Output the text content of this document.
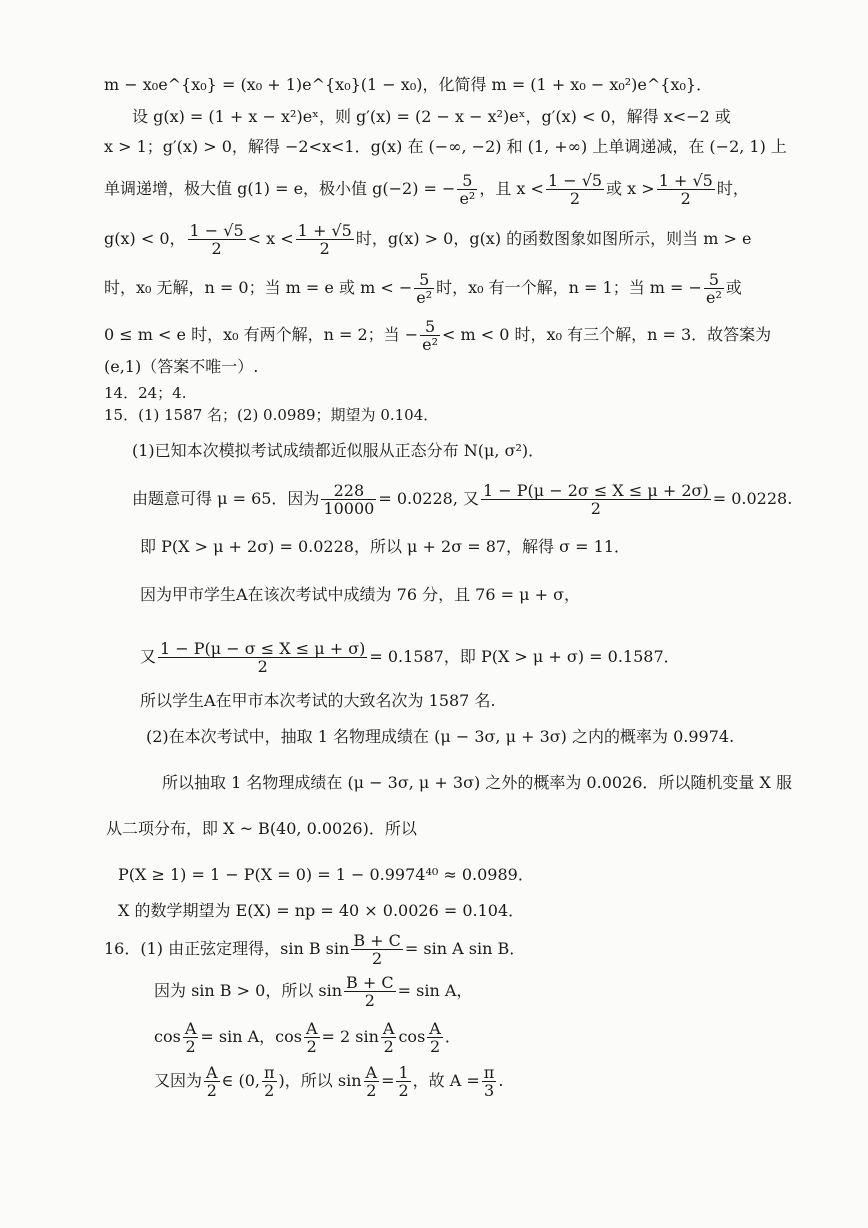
m − x₀e^{x₀} = (x₀ + 1)e^{x₀}(1 − x₀)，化简得 m = (1 + x₀ − x₀²)e^{x₀}．
设 g(x) = (1 + x − x²)eˣ，则 g′(x) = (2 − x − x²)eˣ，g′(x) < 0，解得 x<−2 或
x > 1；g′(x) > 0，解得 −2<x<1．g(x) 在 (−∞, −2) 和 (1, +∞) 上单调递减，在 (−2, 1) 上
单调递增，极大值 g(1) = e，极小值 g(−2) = − $\frac{5}{\text{e²}}$ ，且 $x < \frac{1 - √5}{2}$ 或 $x > \frac{1 + √5}{2}$ 时，
g(x) < 0， $\frac{1 - √5}{2} < x < \frac{1 + √5}{2}$ 时，g(x) > 0，g(x) 的函数图象如图所示，则当 m > e
时，x₀ 无解，n = 0；当 m = e 或 m < − $\frac{5}{\text{e²}}$ 时，x₀ 有一个解，n = 1；当 m = − $\frac{5}{\text{e²}}$ 或
0 ≤ m < e 时，x₀ 有两个解，n = 2；当 − $\frac{5}{\text{e²}} < m < 0$ 时，x₀ 有三个解，n = 3．故答案为
(e,1)（答案不唯一）.
14．24；4.
15．(1) 1587 名；(2) 0.0989；期望为 0.104．
(1)已知本次模拟考试成绩都近似服从正态分布 N(μ, σ²)．
由题意可得 μ = 65．因为 $\frac{228}{10000} = 0.0228$, 又 $\frac{1 - P(\mu - 2\sigma \le X \le \mu + 2\sigma)}{2} = 0.0228$.
即 P(X > μ + 2σ) = 0.0228，所以 μ + 2σ = 87，解得 σ = 11．
因为甲市学生A在该次考试中成绩为 76 分，且 76 = μ + σ，
又 $\frac{1 - P(\mu - \sigma \le X \le \mu + \sigma)}{2} = 0.1587$，即 P(X > μ + σ) = 0.1587．
所以学生A在甲市本次考试的大致名次为 1587 名.
(2)在本次考试中，抽取 1 名物理成绩在 (μ − 3σ, μ + 3σ) 之内的概率为 0.9974.
所以抽取 1 名物理成绩在 (μ − 3σ, μ + 3σ) 之外的概率为 0.0026．所以随机变量 X 服
从二项分布，即 X ~ B(40, 0.0026)．所以
P(X ≥ 1) = 1 − P(X = 0) = 1 − 0.9974⁴⁰ ≈ 0.0989．
X 的数学期望为 E(X) = np = 40 × 0.0026 = 0.104．
16．(1) 由正弦定理得，sin B $\sin \frac{B + C}{2} = \sin A$ sin B．
因为 sin B > 0，所以 $\sin \frac{B + C}{2} = \sin A$，
$\cos \frac{A}{2} = \sin A$，$\cos \frac{A}{2} = 2$ $\sin \frac{A}{2}$ $\cos \frac{A}{2}$ ．
又因为 $\frac{A}{2}$ ∈ (0, $\frac{\pi}{2}$ )，所以 $\sin \frac{A}{2} = \frac{1}{2}$ ，故 $A = \frac{\pi}{3}$ .
